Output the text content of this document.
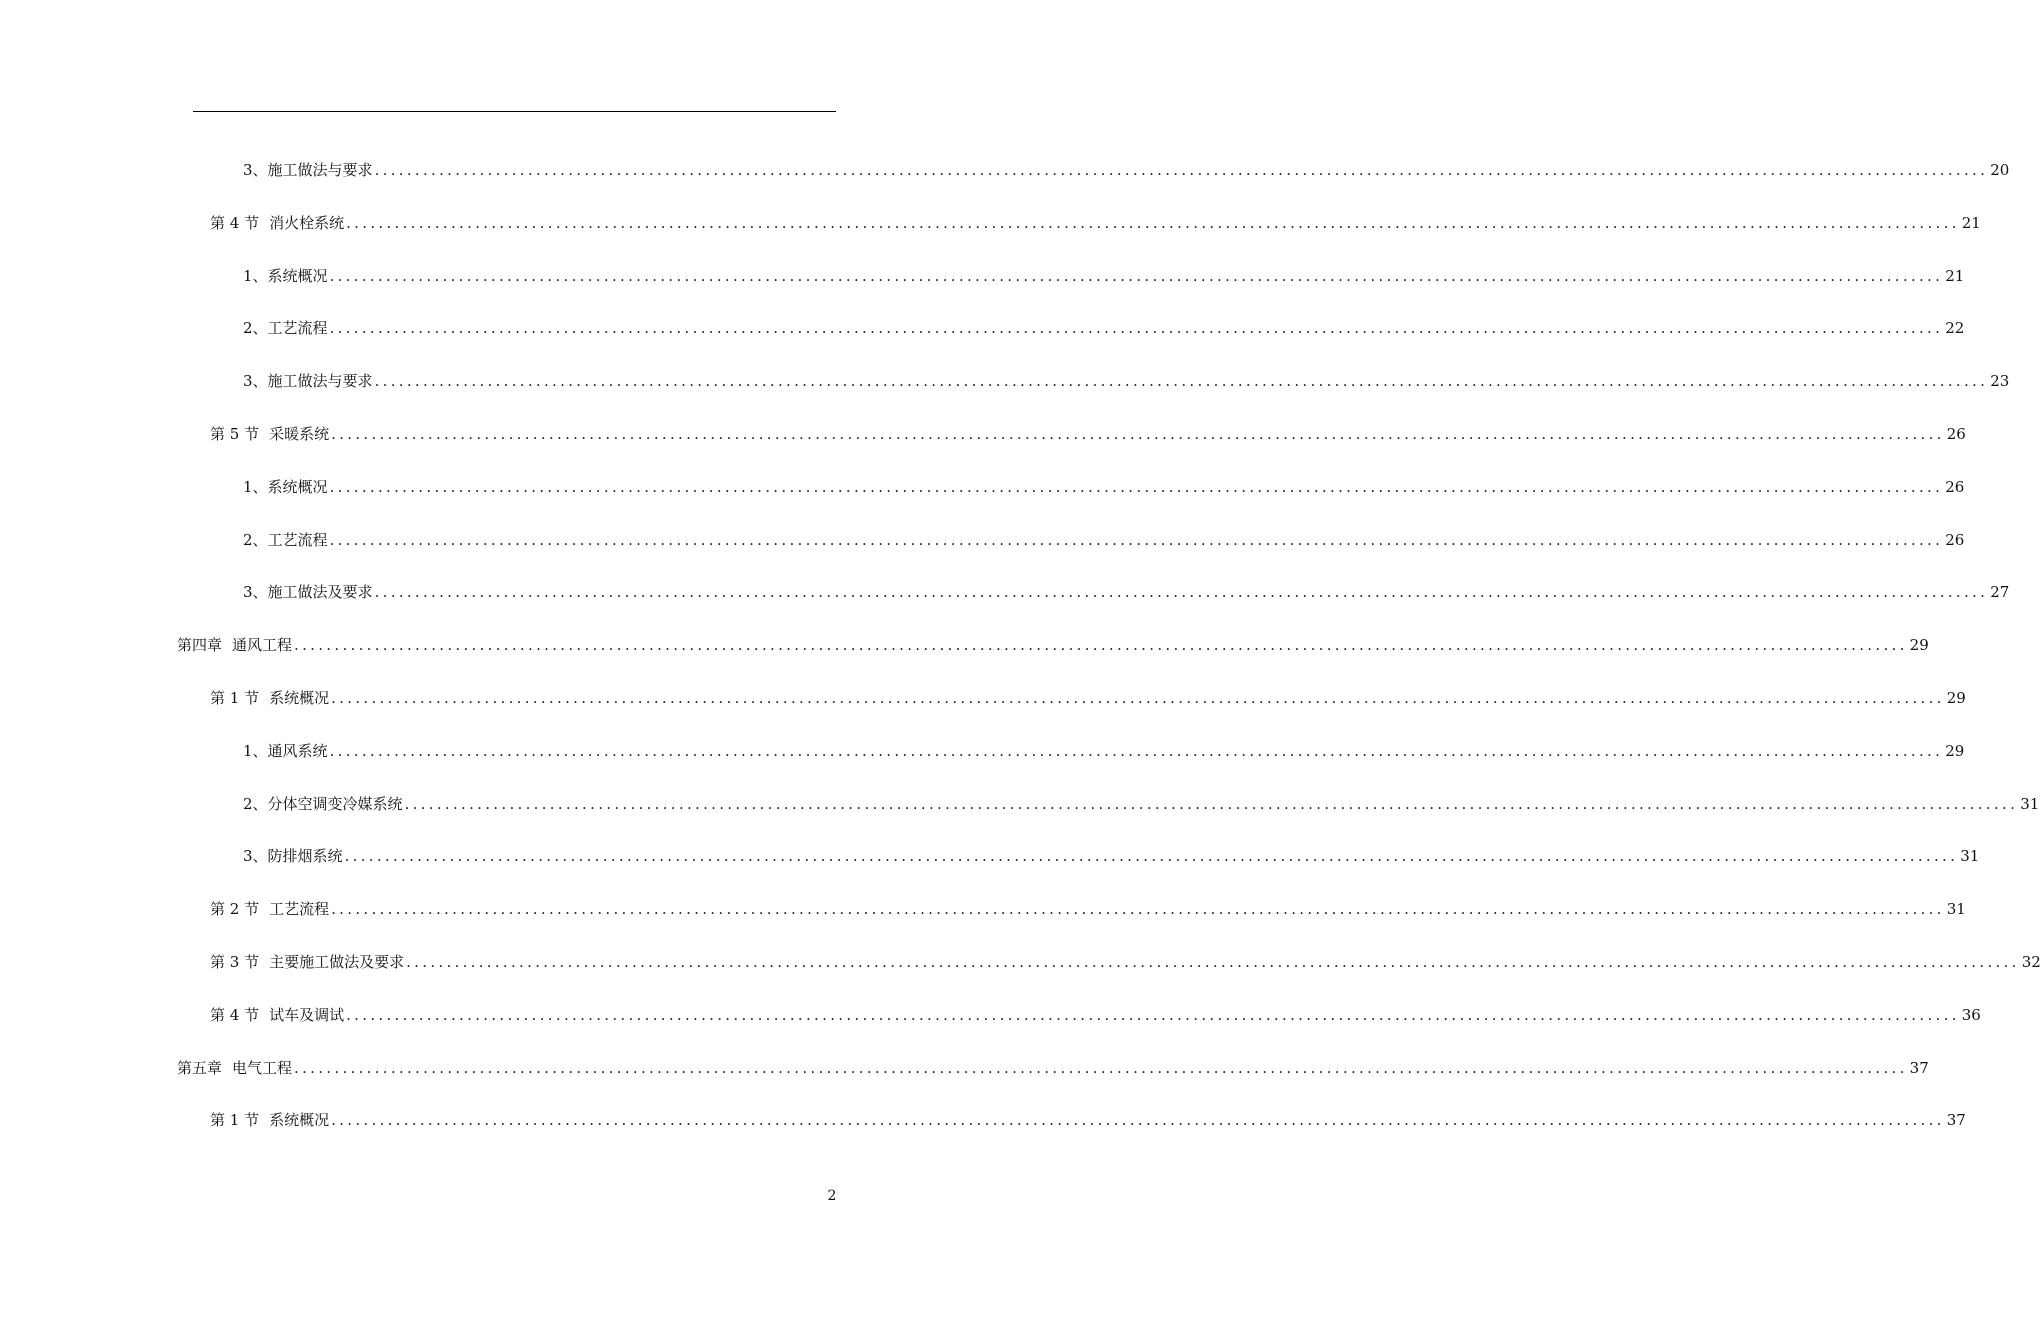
3、 施工做法与要求 ........................................................................................................................................................................................................ 20
第 4 节 消火栓系统 ........................................................................................................................................................................................................ 21
1、 系统概况 ........................................................................................................................................................................................................ 21
2、 工艺流程 ........................................................................................................................................................................................................ 22
3、 施工做法与要求 ........................................................................................................................................................................................................ 23
第 5 节 采暖系统 ........................................................................................................................................................................................................ 26
1、 系统概况 ........................................................................................................................................................................................................ 26
2、 工艺流程 ........................................................................................................................................................................................................ 26
3、 施工做法及要求 ........................................................................................................................................................................................................ 27
第四章 通风工程 ........................................................................................................................................................................................................ 29
第 1 节 系统概况 ........................................................................................................................................................................................................ 29
1、 通风系统 ........................................................................................................................................................................................................ 29
2、 分体空调变冷媒系统 ........................................................................................................................................................................................................ 31
3、 防排烟系统 ........................................................................................................................................................................................................ 31
第 2 节 工艺流程 ........................................................................................................................................................................................................ 31
第 3 节 主要施工做法及要求 ........................................................................................................................................................................................................ 32
第 4 节 试车及调试 ........................................................................................................................................................................................................ 36
第五章 电气工程 ........................................................................................................................................................................................................ 37
第 1 节 系统概况 ........................................................................................................................................................................................................ 37
2
